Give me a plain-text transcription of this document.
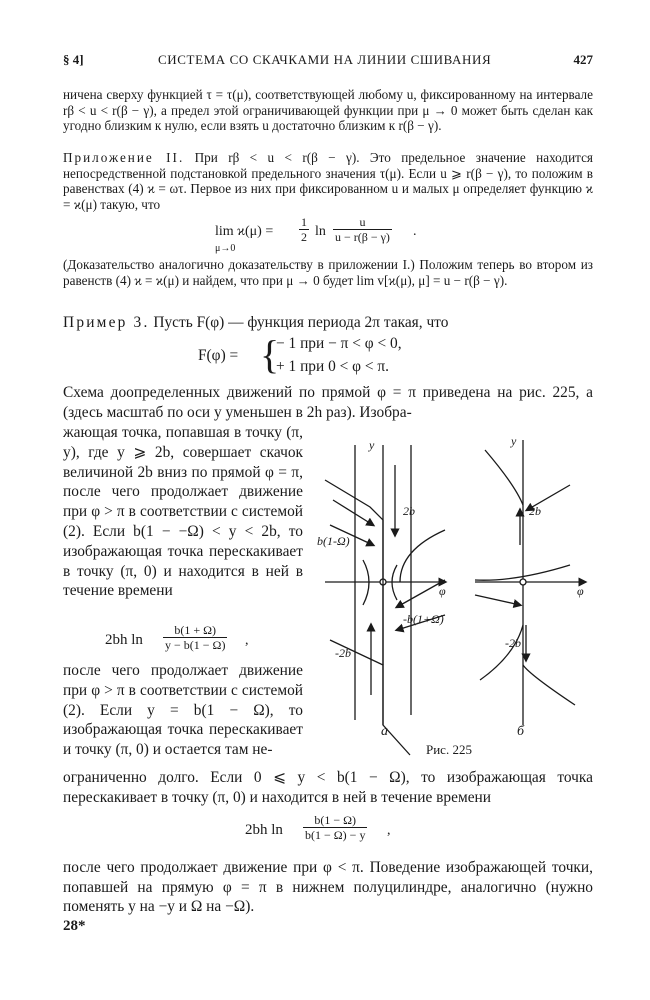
§ 4]	СИСТЕМА СО СКАЧКАМИ НА ЛИНИИ СШИВАНИЯ	427
ничена сверху функцией τ = τ(μ), соответствующей любому u, фиксированному на интервале rβ < u < r(β − γ), а предел этой ограничивающей функции при μ → 0 может быть сделан как угодно близким к нулю, если взять u достаточно близким к r(β − γ).
Приложение II. При rβ < u < r(β − γ). Это предельное значение находится непосредственной подстановкой предельного значения τ(μ). Если u ⩾ r(β − γ), то положим в равенствах (4) ϰ = ωτ. Первое из них при фиксированном u и малых μ определяет функцию ϰ = ϰ(μ) такую, что
lim ϰ(μ) =
μ→0
$\frac{1}{2}$ $\ln \frac{u}{u - r(\beta - \gamma)}$ .
(Доказательство аналогично доказательству в приложении I.) Положим теперь во втором из равенств (4) ϰ = ϰ(μ) и найдем, что при μ → 0 будет lim v[ϰ(μ), μ] = u − r(β − γ).
Пример 3. Пусть F(φ) — функция периода 2π такая, что
F(φ) = {
− 1 при − π < φ < 0,
+ 1 при 0 < φ < π.
Схема доопределенных движений по прямой φ = π приведена на рис. 225, а (здесь масштаб по оси y уменьшен в 2h раз). Изобра-
жающая точка, попавшая в точку (π, y), где y ⩾ 2b, совершает скачок величиной 2b вниз по прямой φ = π, после чего продолжает движение при φ > π в соответствии с системой (2). Если b(1 − −Ω) < y < 2b, то изображающая точка перескакивает в точку (π, 0) и находится в ней в течение времени
2bh $\ln \frac{b(1 + \Omega)}{y - b(1 - \Omega)}$ ,
после чего продолжает движение при φ > π в соответствии с системой (2). Если y = b(1 − Ω), то изображающая точка перескакивает и точку (π, 0) и остается там не-
ограниченно долго. Если 0 ⩽ y < b(1 − Ω), то изображающая точка перескакивает в точку (π, 0) и находится в ней в течение времени
2bh $\ln \frac{b(1 - \Omega)}{b(1 - \Omega) - y}$ ,
после чего продолжает движение при φ < π. Поведение изображающей точки, попавшей на прямую φ = π в нижнем полуцилиндре, аналогично (нужно поменять y на −y и Ω на −Ω).
28*
y
φ
2b
b(1-Ω)
-b(1+Ω)
-2b
а
y
φ
2b
-2b
б
Рис. 225
